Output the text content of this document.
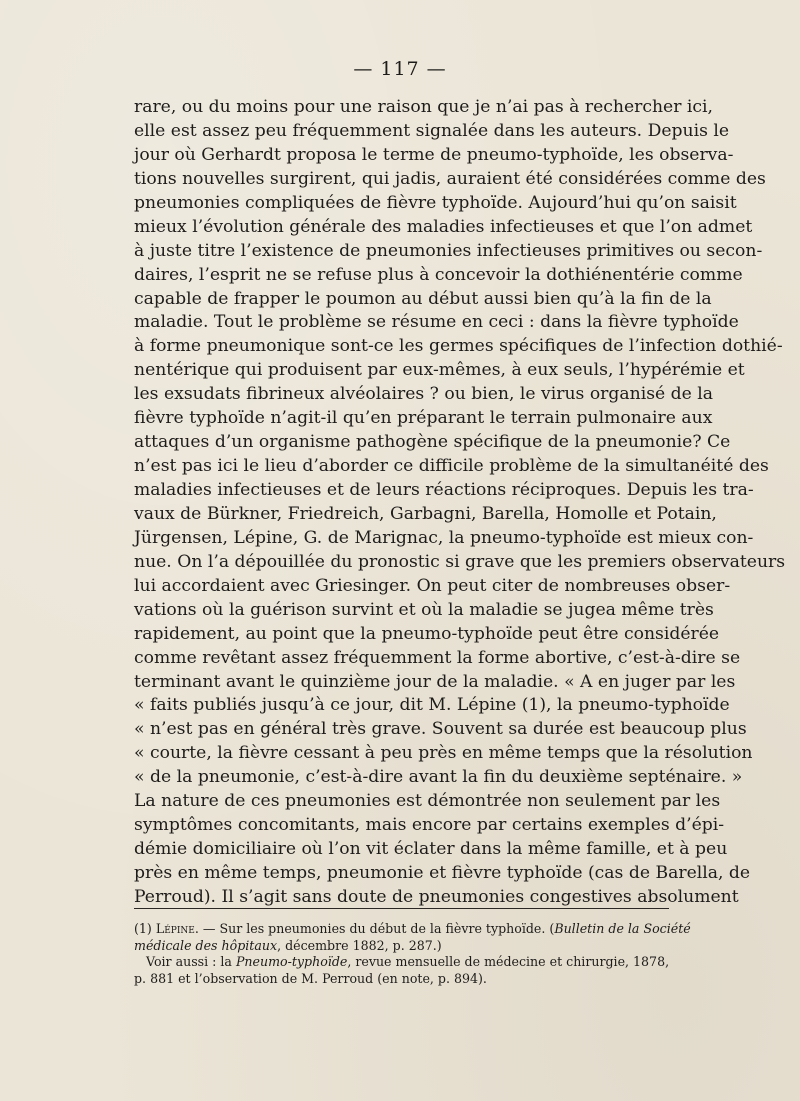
— 117 —
rare, ou du moins pour une raison que je n’ai pas à rechercher ici,
elle est assez peu fréquemment signalée dans les auteurs. Depuis le
jour où Gerhardt proposa le terme de pneumo-typhoïde, les observa-
tions nouvelles surgirent, qui jadis, auraient été considérées comme des
pneumonies compliquées de fièvre typhoïde. Aujourd’hui qu’on saisit
mieux l’évolution générale des maladies infectieuses et que l’on admet
à juste titre l’existence de pneumonies infectieuses primitives ou secon-
daires, l’esprit ne se refuse plus à concevoir la dothiénentérie comme
capable de frapper le poumon au début aussi bien qu’à la fin de la
maladie. Tout le problème se résume en ceci : dans la fièvre typhoïde
à forme pneumonique sont-ce les germes spécifiques de l’infection dothié-
nentérique qui produisent par eux-mêmes, à eux seuls, l’hypérémie et
les exsudats fibrineux alvéolaires ? ou bien, le virus organisé de la
fièvre typhoïde n’agit-il qu’en préparant le terrain pulmonaire aux
attaques d’un organisme pathogène spécifique de la pneumonie? Ce
n’est pas ici le lieu d’aborder ce difficile problème de la simultanéité des
maladies infectieuses et de leurs réactions réciproques. Depuis les tra-
vaux de Bürkner, Friedreich, Garbagni, Barella, Homolle et Potain,
Jürgensen, Lépine, G. de Marignac, la pneumo-typhoïde est mieux con-
nue. On l’a dépouillée du pronostic si grave que les premiers observateurs
lui accordaient avec Griesinger. On peut citer de nombreuses obser-
vations où la guérison survint et où la maladie se jugea même très
rapidement, au point que la pneumo-typhoïde peut être considérée
comme revêtant assez fréquemment la forme abortive, c’est-à-dire se
terminant avant le quinzième jour de la maladie. « A en juger par les
« faits publiés jusqu’à ce jour, dit M. Lépine (1), la pneumo-typhoïde
« n’est pas en général très grave. Souvent sa durée est beaucoup plus
« courte, la fièvre cessant à peu près en même temps que la résolution
« de la pneumonie, c’est-à-dire avant la fin du deuxième septénaire. »
La nature de ces pneumonies est démontrée non seulement par les
symptômes concomitants, mais encore par certains exemples d’épi-
démie domiciliaire où l’on vit éclater dans la même famille, et à peu
près en même temps, pneumonie et fièvre typhoïde (cas de Barella, de
Perroud). Il s’agit sans doute de pneumonies congestives absolument
(1) Lépine. — Sur les pneumonies du début de la fièvre typhoïde. (Bulletin de la Société
médicale des hôpitaux, décembre 1882, p. 287.)
Voir aussi : la Pneumo-typhoïde, revue mensuelle de médecine et chirurgie, 1878,
p. 881 et l’observation de M. Perroud (en note, p. 894).
